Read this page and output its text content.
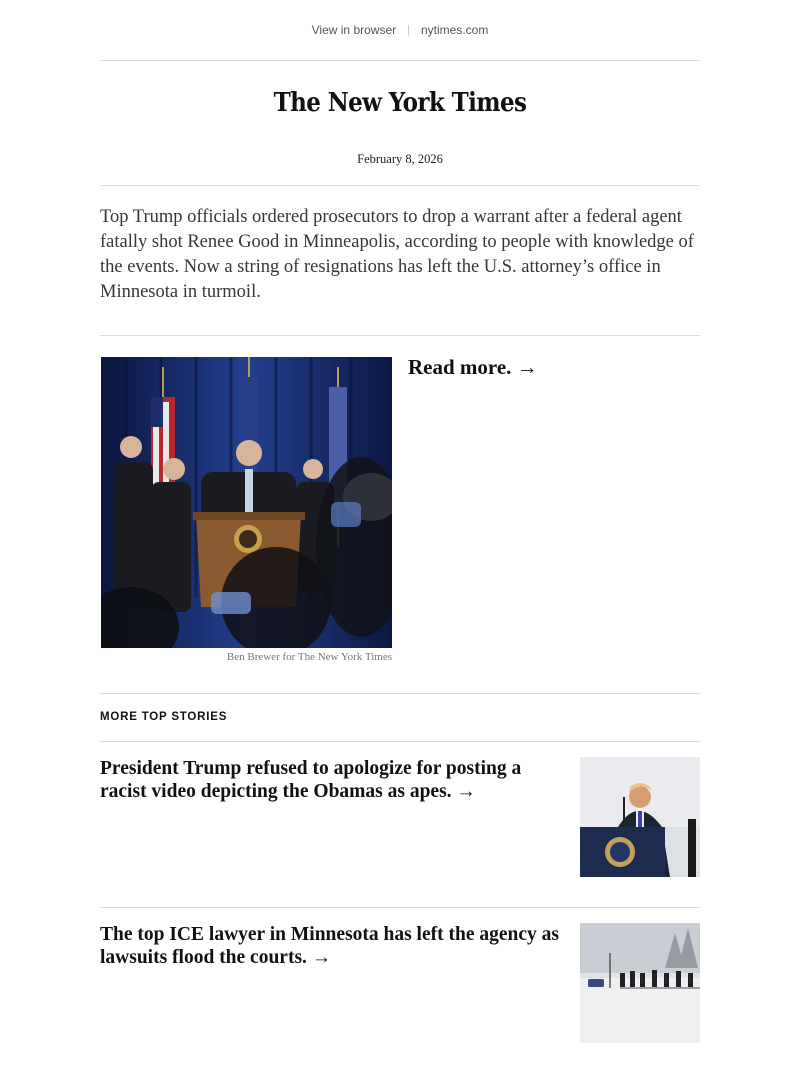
View in browser | nytimes.com
The New York Times
February 8, 2026

Top Trump officials ordered prosecutors to drop a warrant after a federal agent fatally shot Renee Good in Minneapolis, according to people with knowledge of the events. Now a string of resignations has left the U.S. attorney’s office in Minnesota in turmoil.

Ben Brewer for The New York Times
Read more. →
MORE TOP STORIES
President Trump refused to apologize for posting a racist video depicting the Obamas as apes. →
The top ICE lawyer in Minnesota has left the agency as lawsuits flood the courts. →
